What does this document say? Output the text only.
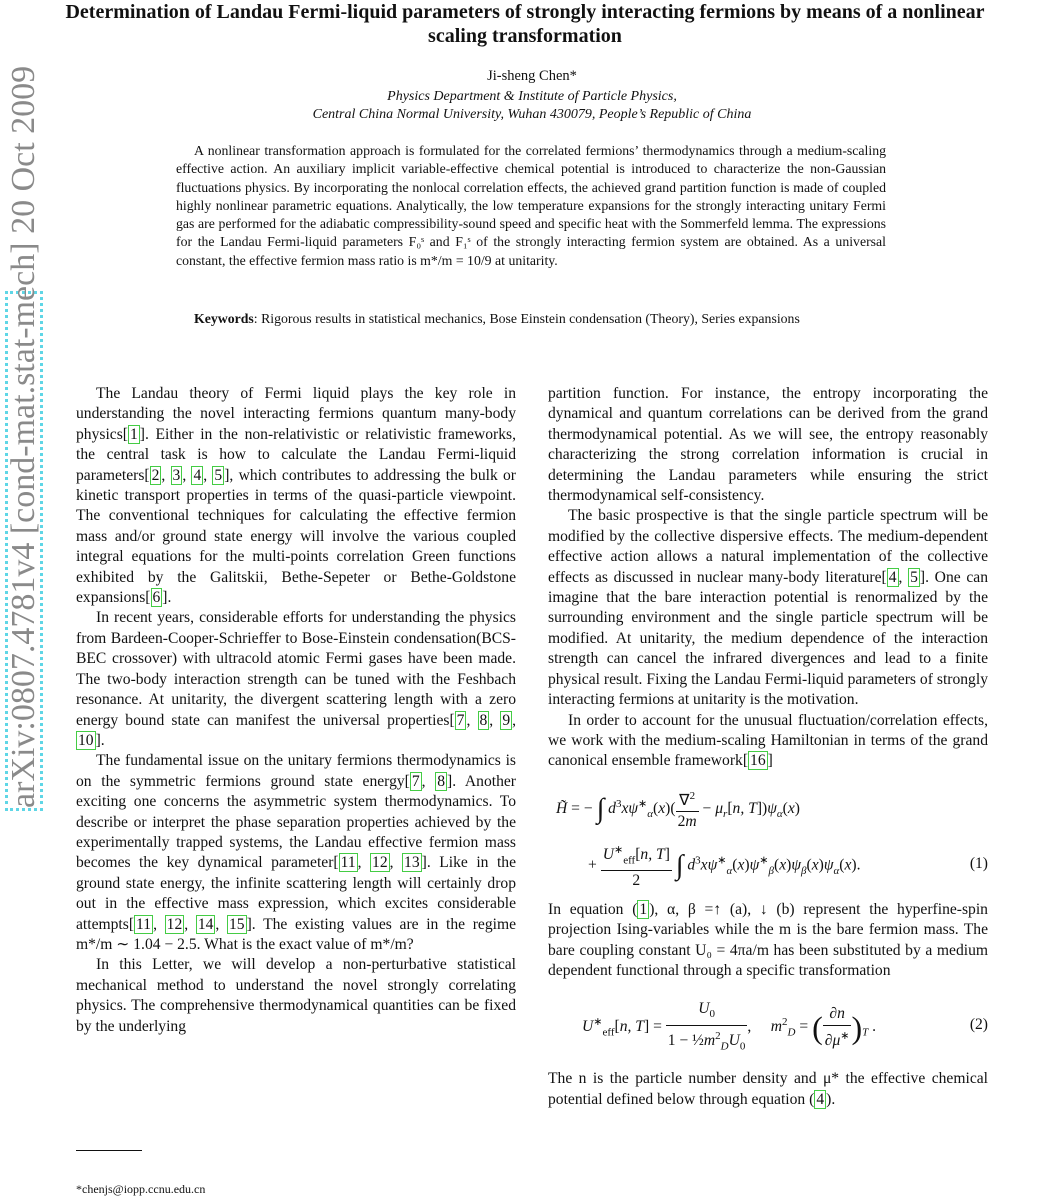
arXiv:0807.4781v4 [cond-mat.stat-mech] 20 Oct 2009
Determination of Landau Fermi-liquid parameters of strongly interacting fermions by means of a nonlinear scaling transformation
Ji-sheng Chen*
Physics Department & Institute of Particle Physics,
Central China Normal University, Wuhan 430079, People’s Republic of China

A nonlinear transformation approach is formulated for the correlated fermions’ thermodynamics through a medium-scaling effective action. An auxiliary implicit variable-effective chemical potential is introduced to characterize the non-Gaussian fluctuations physics. By incorporating the nonlocal correlation effects, the achieved grand partition function is made of coupled highly nonlinear parametric equations. Analytically, the low temperature expansions for the strongly interacting unitary Fermi gas are performed for the adiabatic compressibility-sound speed and specific heat with the Sommerfeld lemma. The expressions for the Landau Fermi-liquid parameters F₀ˢ and F₁ˢ of the strongly interacting fermion system are obtained. As a universal constant, the effective fermion mass ratio is m*/m = 10/9 at unitarity.

Keywords: Rigorous results in statistical mechanics, Bose Einstein condensation (Theory), Series expansions

The Landau theory of Fermi liquid plays the key role in understanding the novel interacting fermions quantum many-body physics[ 1 ]. Either in the non-relativistic or relativistic frameworks, the central task is how to calculate the Landau Fermi-liquid parameters[ 2 , 3 , 4 , 5 ], which contributes to addressing the bulk or kinetic transport properties in terms of the quasi-particle viewpoint. The conventional techniques for calculating the effective fermion mass and/or ground state energy will involve the various coupled integral equations for the multi-points correlation Green functions exhibited by the Galitskii, Bethe-Sepeter or Bethe-Goldstone expansions[ 6 ].

In recent years, considerable efforts for understanding the physics from Bardeen-Cooper-Schrieffer to Bose-Einstein condensation(BCS-BEC crossover) with ultracold atomic Fermi gases have been made. The two-body interaction strength can be tuned with the Feshbach resonance. At unitarity, the divergent scattering length with a zero energy bound state can manifest the universal properties[ 7 , 8 , 9 , 10 ].

The fundamental issue on the unitary fermions thermodynamics is on the symmetric fermions ground state energy[ 7 , 8 ]. Another exciting one concerns the asymmetric system thermodynamics. To describe or interpret the phase separation properties achieved by the experimentally trapped systems, the Landau effective fermion mass becomes the key dynamical parameter[ 11 , 12 , 13 ]. Like in the ground state energy, the infinite scattering length will certainly drop out in the effective mass expression, which excites considerable attempts[ 11 , 12 , 14 , 15 ]. The existing values are in the regime m*/m ∼ 1.04 − 2.5. What is the exact value of m*/m?

In this Letter, we will develop a non-perturbative statistical mechanical method to understand the novel strongly correlating physics. The comprehensive thermodynamical quantities can be fixed by the underlying

partition function. For instance, the entropy incorporating the dynamical and quantum correlations can be derived from the grand thermodynamical potential. As we will see, the entropy reasonably characterizing the strong correlation information is crucial in determining the Landau parameters while ensuring the strict thermodynamical self-consistency.

The basic prospective is that the single particle spectrum will be modified by the collective dispersive effects. The medium-dependent effective action allows a natural implementation of the collective effects as discussed in nuclear many-body literature[ 4 , 5 ]. One can imagine that the bare interaction potential is renormalized by the surrounding environment and the single particle spectrum will be modified. At unitarity, the medium dependence of the interaction strength can cancel the infrared divergences and lead to a finite physical result. Fixing the Landau Fermi-liquid parameters of strongly interacting fermions at unitarity is the motivation.

In order to account for the unusual fluctuation/correlation effects, we work with the medium-scaling Hamiltonian in terms of the grand canonical ensemble framework[ 16 ]

H̃ = − ∫ $d^3x\psi^∗_\alpha(x)( \frac{\nabla^2}{2m} - \mu_r[n$, $T])\psi_\alpha(x)$
+ $\frac{U^∗_{eff}[n, T]}{2}$ ∫ $d^3x\psi^∗_\alpha(x)\psi^∗_\beta(x)\psi_\beta(x)\psi_\alpha(x)$.	(1)

In equation ( 1 ), α, β =↑ (a), ↓ (b) represent the hyperfine-spin projection Ising-variables while the m is the bare fermion mass. The bare coupling constant U₀ = 4πa/m has been substituted by a medium dependent functional through a specific transformation

$U^∗_{eff}[n$, $T] = \frac{U_0}{1 - \frac{1}{2}m^2_DU_0}$ ,     $m^2_D$ = ( $\frac{\partial n}{\partial\mu^∗} )_T$ .	(2)

The n is the particle number density and μ* the effective chemical potential defined below through equation ( 4 ).

*chenjs@iopp.ccnu.edu.cn
